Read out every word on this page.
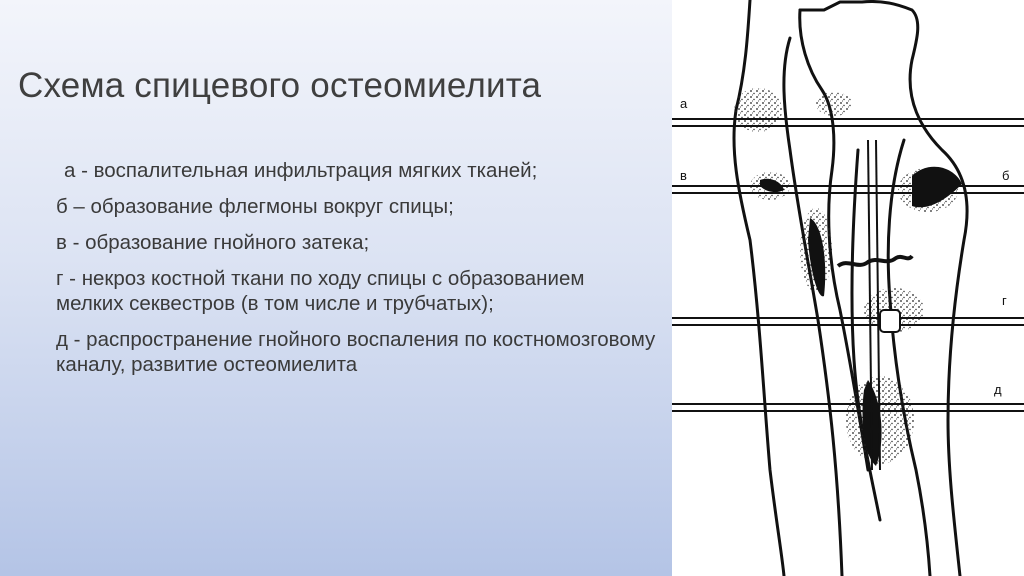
Схема спицевого остеомиелита
а - воспалительная инфильтрация мягких тканей;
б – образование флегмоны вокруг спицы;
в - образование гнойного затека;
г - некроз костной ткани по ходу спицы с образованием мелких секвестров (в том числе и трубчатых);
д - распространение гнойного воспаления по костномозговому каналу, развитие остеомиелита
а
в	б
г
д
